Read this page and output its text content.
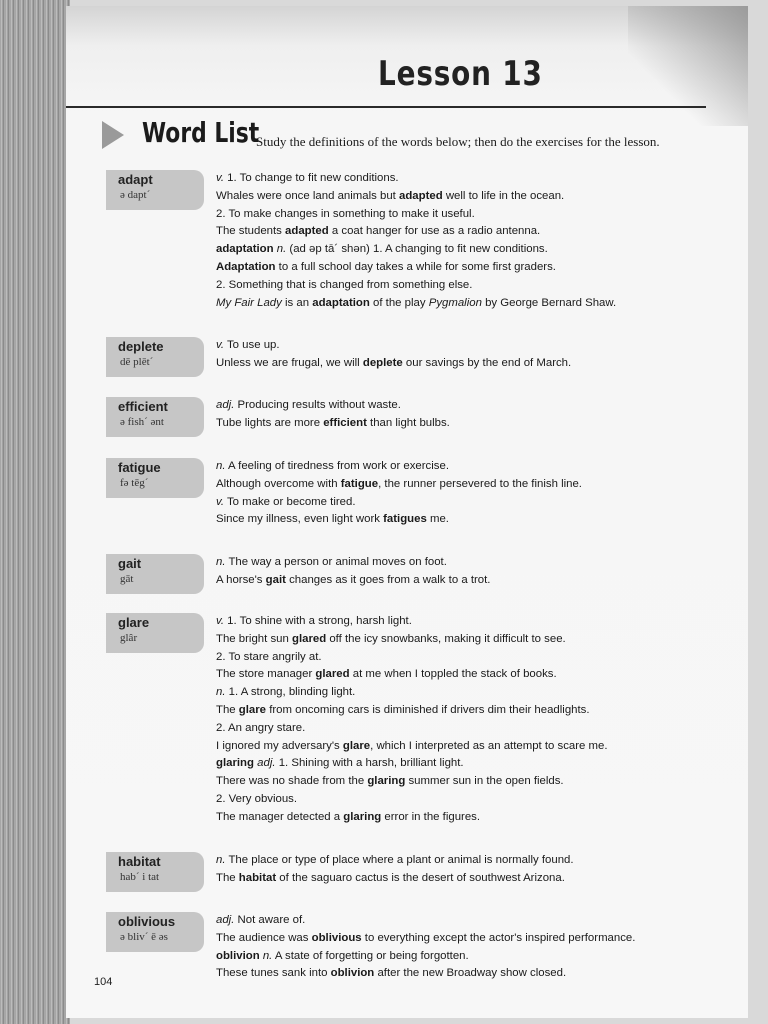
Lesson 13
Word List
Study the definitions of the words below; then do the exercises for the lesson.
adapt
ə dapt´
v. 1. To change to fit new conditions.
Whales were once land animals but adapted well to life in the ocean.
2. To make changes in something to make it useful.
The students adapted a coat hanger for use as a radio antenna.
adaptation n. (ad əp tā´ shən) 1. A changing to fit new conditions.
Adaptation to a full school day takes a while for some first graders.
2. Something that is changed from something else.
My Fair Lady is an adaptation of the play Pygmalion by George Bernard Shaw.
deplete
dē plēt´
v. To use up.
Unless we are frugal, we will deplete our savings by the end of March.
efficient
ə fish´ ənt
adj. Producing results without waste.
Tube lights are more efficient than light bulbs.
fatigue
fə tēg´
n. A feeling of tiredness from work or exercise.
Although overcome with fatigue, the runner persevered to the finish line.
v. To make or become tired.
Since my illness, even light work fatigues me.
gait
gāt
n. The way a person or animal moves on foot.
A horse's gait changes as it goes from a walk to a trot.
glare
glâr
v. 1. To shine with a strong, harsh light.
The bright sun glared off the icy snowbanks, making it difficult to see.
2. To stare angrily at.
The store manager glared at me when I toppled the stack of books.
n. 1. A strong, blinding light.
The glare from oncoming cars is diminished if drivers dim their headlights.
2. An angry stare.
I ignored my adversary's glare, which I interpreted as an attempt to scare me.
glaring adj. 1. Shining with a harsh, brilliant light.
There was no shade from the glaring summer sun in the open fields.
2. Very obvious.
The manager detected a glaring error in the figures.
habitat
hab´ i tat
n. The place or type of place where a plant or animal is normally found.
The habitat of the saguaro cactus is the desert of southwest Arizona.
oblivious
ə bliv´ ē əs
adj. Not aware of.
The audience was oblivious to everything except the actor's inspired performance.
oblivion n. A state of forgetting or being forgotten.
These tunes sank into oblivion after the new Broadway show closed.
104
